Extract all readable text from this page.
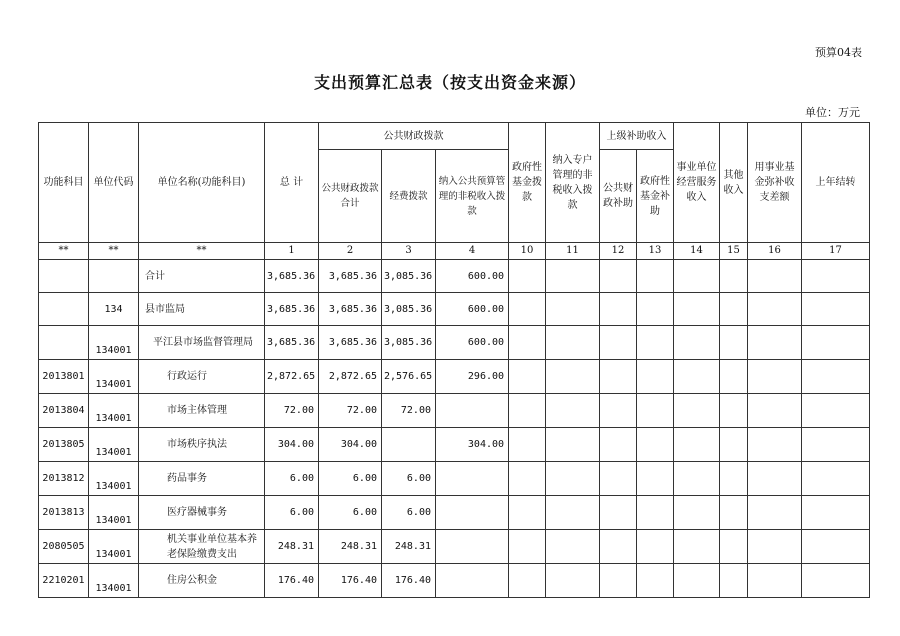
预算04表
支出预算汇总表（按支出资金来源）
单位：万元
功能科目	单位代码	单位名称(功能科目)	总 计	公共财政拨款			政府性基金拨款	纳入专户管理的非税收入拨款	上级补助收入		事业单位经营服务收入	其他收入	用事业基金弥补收支差额	上年结转
				公共财政拨款合计	经费拨款	纳入公共预算管理的非税收入拨款			公共财政补助	政府性基金补助				
**	**	**	1	2	3	4	10	11	12	13	14	15	16	17
		合计	3,685.36	3,685.36	3,085.36	600.00								
	134	县市监局	3,685.36	3,685.36	3,085.36	600.00								
	134001	平江县市场监督管理局	3,685.36	3,685.36	3,085.36	600.00								
2013801	134001	行政运行	2,872.65	2,872.65	2,576.65	296.00								
2013804	134001	市场主体管理	72.00	72.00	72.00									
2013805	134001	市场秩序执法	304.00	304.00		304.00								
2013812	134001	药品事务	6.00	6.00	6.00									
2013813	134001	医疗器械事务	6.00	6.00	6.00									
2080505	134001	机关事业单位基本养老保险缴费支出	248.31	248.31	248.31									
2210201	134001	住房公积金	176.40	176.40	176.40									
